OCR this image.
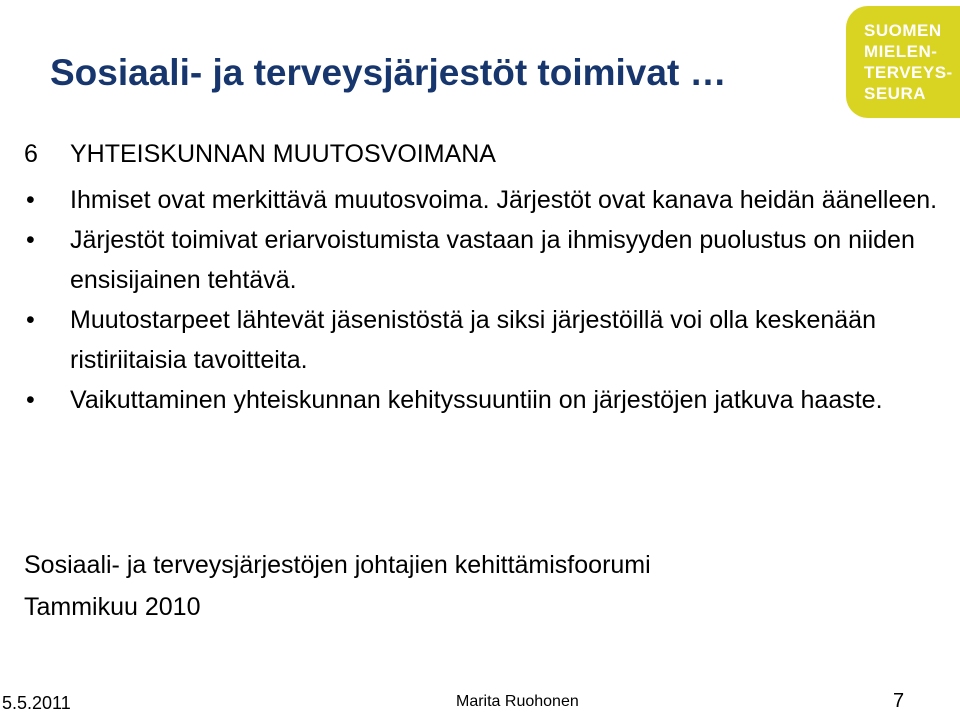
Sosiaali- ja terveysjärjestöt toimivat …
SUOMEN
MIELEN-
TERVEYS-
SEURA
6 YHTEISKUNNAN MUUTOSVOIMANA
• Ihmiset ovat merkittävä muutosvoima. Järjestöt ovat kanava heidän äänelleen.
• Järjestöt toimivat eriarvoistumista vastaan ja ihmisyyden puolustus on niiden ensisijainen tehtävä.
• Muutostarpeet lähtevät jäsenistöstä ja siksi järjestöillä voi olla keskenään ristiriitaisia tavoitteita.
• Vaikuttaminen yhteiskunnan kehityssuuntiin on järjestöjen jatkuva haaste.
Sosiaali- ja terveysjärjestöjen johtajien kehittämisfoorumi
Tammikuu 2010
5.5.2011	Marita Ruohonen	7
